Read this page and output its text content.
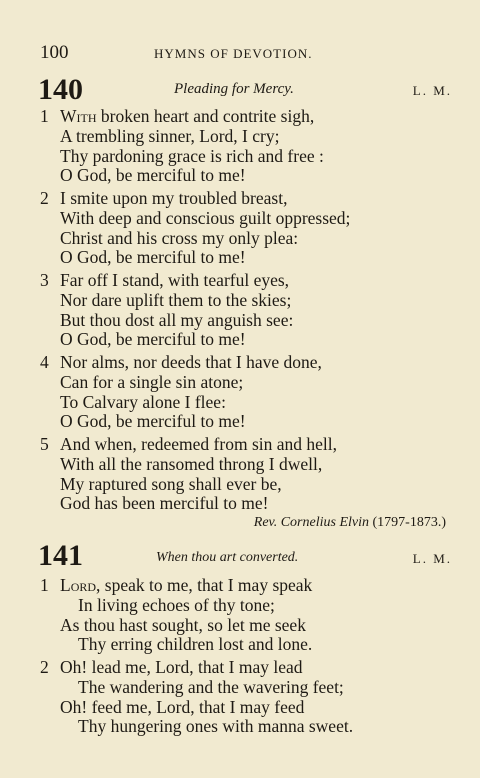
100	HYMNS OF DEVOTION.
140	Pleading for Mercy.	L. M.
1 With broken heart and contrite sigh,
A trembling sinner, Lord, I cry;
Thy pardoning grace is rich and free :
O God, be merciful to me!
2 I smite upon my troubled breast,
With deep and conscious guilt oppressed;
Christ and his cross my only plea:
O God, be merciful to me!
3 Far off I stand, with tearful eyes,
Nor dare uplift them to the skies;
But thou dost all my anguish see:
O God, be merciful to me!
4 Nor alms, nor deeds that I have done,
Can for a single sin atone;
To Calvary alone I flee:
O God, be merciful to me!
5 And when, redeemed from sin and hell,
With all the ransomed throng I dwell,
My raptured song shall ever be,
God has been merciful to me!
Rev. Cornelius Elvin (1797-1873.)
141	When thou art converted.	L. M.
1 Lord, speak to me, that I may speak
In living echoes of thy tone;
As thou hast sought, so let me seek
Thy erring children lost and lone.
2 Oh! lead me, Lord, that I may lead
The wandering and the wavering feet;
Oh! feed me, Lord, that I may feed
Thy hungering ones with manna sweet.
